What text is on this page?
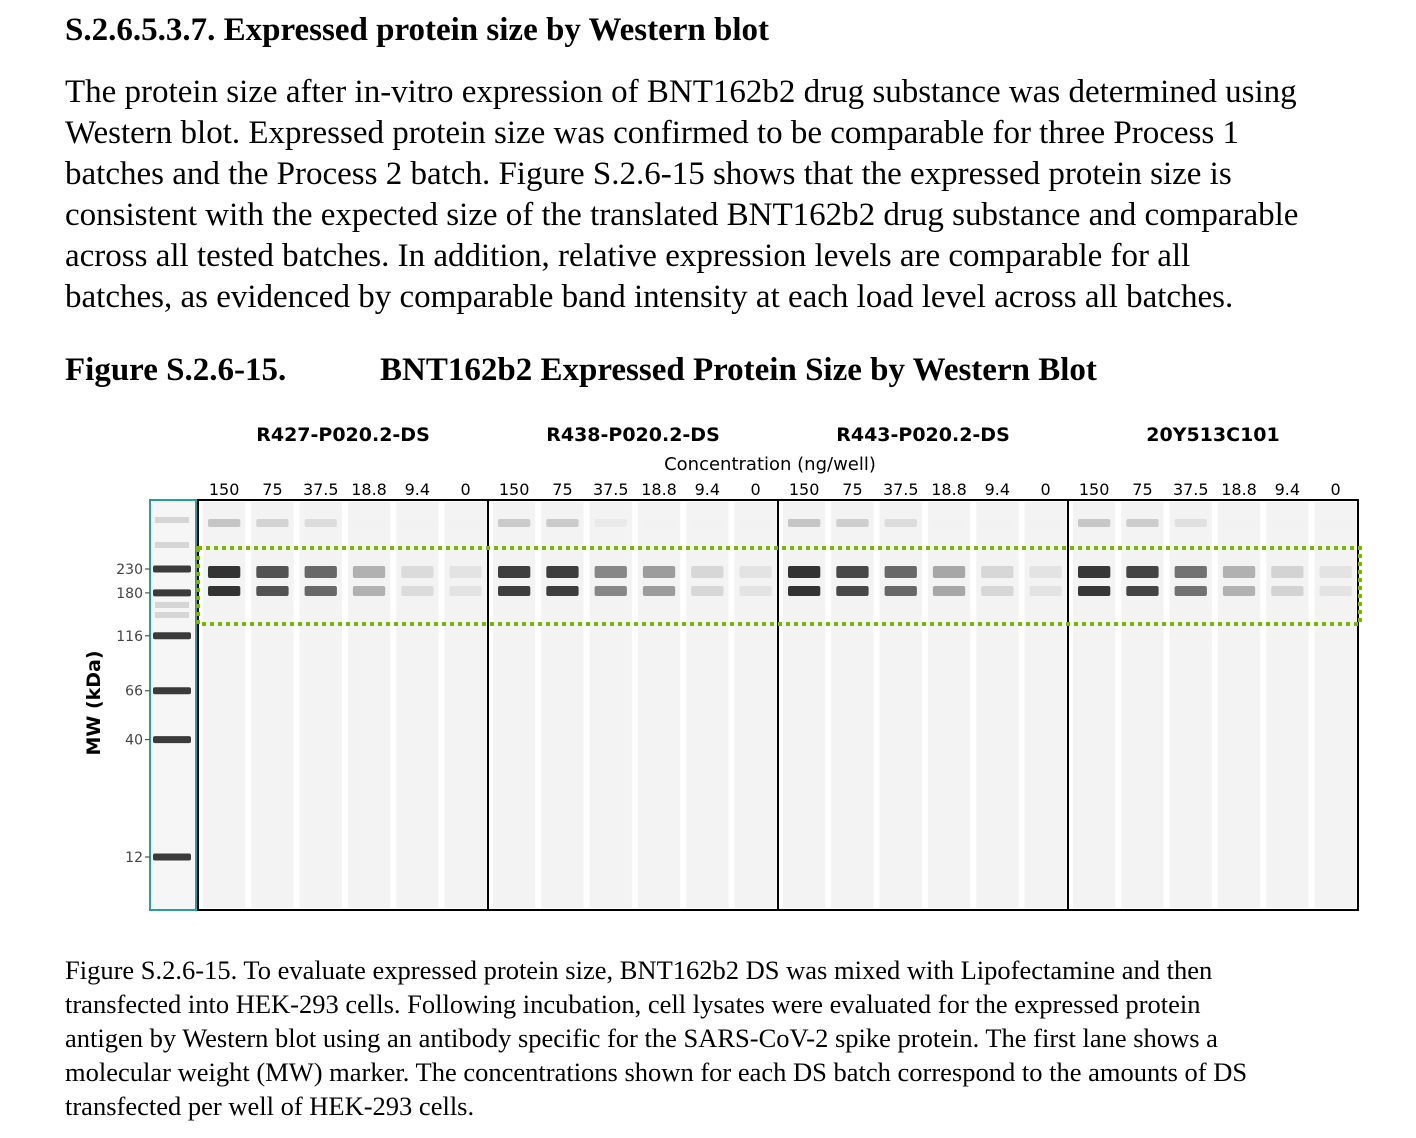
S.2.6.5.3.7. Expressed protein size by Western blot
The protein size after in-vitro expression of BNT162b2 drug substance was determined using
Western blot. Expressed protein size was confirmed to be comparable for three Process 1
batches and the Process 2 batch. Figure S.2.6-15 shows that the expressed protein size is
consistent with the expected size of the translated BNT162b2 drug substance and comparable
across all tested batches. In addition, relative expression levels are comparable for all
batches, as evidenced by comparable band intensity at each load level across all batches.
Figure S.2.6-15.	BNT162b2 Expressed Protein Size by Western Blot
MW (kDa)
230
180
116
66
40
12
Concentration (ng/well)
R427-P020.2-DS
150 75 37.5 18.8 9.4 0
R438-P020.2-DS
150 75 37.5 18.8 9.4 0
R443-P020.2-DS
150 75 37.5 18.8 9.4 0
20Y513C101
150 75 37.5 18.8 9.4 0
Figure S.2.6-15. To evaluate expressed protein size, BNT162b2 DS was mixed with Lipofectamine and then
transfected into HEK-293 cells. Following incubation, cell lysates were evaluated for the expressed protein
antigen by Western blot using an antibody specific for the SARS-CoV-2 spike protein. The first lane shows a
molecular weight (MW) marker. The concentrations shown for each DS batch correspond to the amounts of DS
transfected per well of HEK-293 cells.
